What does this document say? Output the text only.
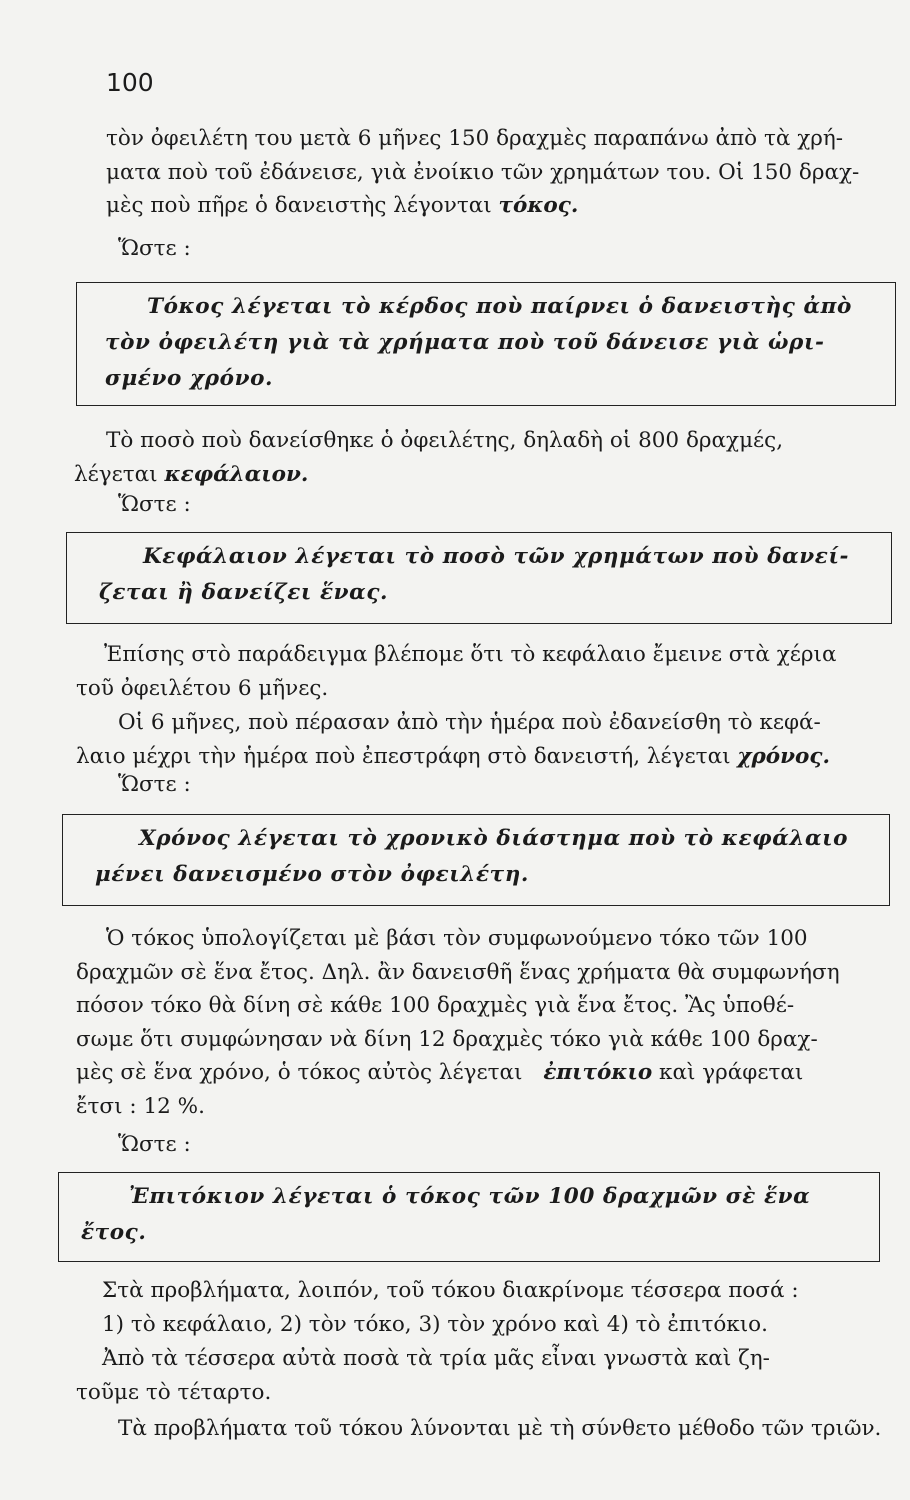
100
τὸν ὀφειλέτη του μετὰ 6 μῆνες 150 δραχμὲς παραπάνω ἀπὸ τὰ χρή-
ματα ποὺ τοῦ ἐδάνεισε, γιὰ ἐνοίκιο τῶν χρημάτων του. Οἱ 150 δραχ-
μὲς ποὺ πῆρε ὁ δανειστὴς λέγονται τόκος.
Ὥστε :
Τόκος λέγεται τὸ κέρδος ποὺ παίρνει ὁ δανειστὴς ἀπὸ
τὸν ὀφειλέτη γιὰ τὰ χρήματα ποὺ τοῦ δάνεισε γιὰ ὡρι-
σμένο χρόνο.
Τὸ ποσὸ ποὺ δανείσθηκε ὁ ὀφειλέτης, δηλαδὴ οἱ 800 δραχμές,
λέγεται κεφάλαιον.
Ὥστε :
Κεφάλαιον λέγεται τὸ ποσὸ τῶν χρημάτων ποὺ δανεί-
ζεται ἢ δανείζει ἕνας.
Ἐπίσης στὸ παράδειγμα βλέπομε ὅτι τὸ κεφάλαιο ἔμεινε στὰ χέρια
τοῦ ὀφειλέτου 6 μῆνες.
Οἱ 6 μῆνες, ποὺ πέρασαν ἀπὸ τὴν ἡμέρα ποὺ ἐδανείσθη τὸ κεφά-
λαιο μέχρι τὴν ἡμέρα ποὺ ἐπεστράφη στὸ δανειστή, λέγεται χρόνος.
Ὥστε :
Χρόνος λέγεται τὸ χρονικὸ διάστημα ποὺ τὸ κεφάλαιο
μένει δανεισμένο στὸν ὀφειλέτη.
Ὁ τόκος ὑπολογίζεται μὲ βάσι τὸν συμφωνούμενο τόκο τῶν 100
δραχμῶν σὲ ἕνα ἔτος. Δηλ. ἂν δανεισθῆ ἕνας χρήματα θὰ συμφωνήση
πόσον τόκο θὰ δίνη σὲ κάθε 100 δραχμὲς γιὰ ἕνα ἔτος. Ἂς ὑποθέ-
σωμε ὅτι συμφώνησαν νὰ δίνη 12 δραχμὲς τόκο γιὰ κάθε 100 δραχ-
μὲς σὲ ἕνα χρόνο, ὁ τόκος αὐτὸς λέγεται ἐπιτόκιο καὶ γράφεται
ἔτσι : 12 %.
Ὥστε :
Ἐπιτόκιον λέγεται ὁ τόκος τῶν 100 δραχμῶν σὲ ἕνα
ἔτος.
Στὰ προβλήματα, λοιπόν, τοῦ τόκου διακρίνομε τέσσερα ποσά :
1) τὸ κεφάλαιο, 2) τὸν τόκο, 3) τὸν χρόνο καὶ 4) τὸ ἐπιτόκιο.
Ἀπὸ τὰ τέσσερα αὐτὰ ποσὰ τὰ τρία μᾶς εἶναι γνωστὰ καὶ ζη-
τοῦμε τὸ τέταρτο.
Τὰ προβλήματα τοῦ τόκου λύνονται μὲ τὴ σύνθετο μέθοδο τῶν τριῶν.
